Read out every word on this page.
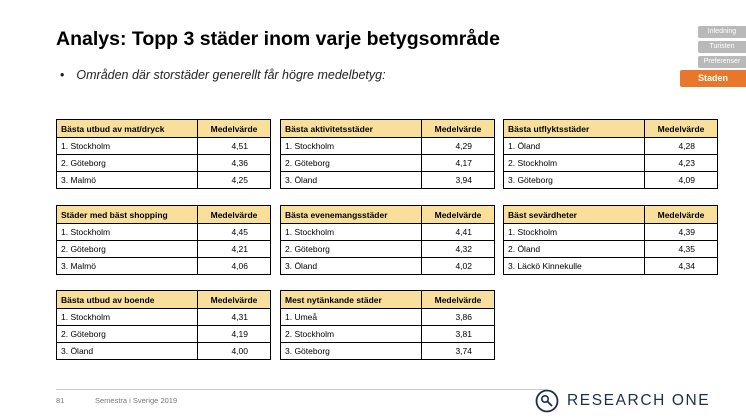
Analys: Topp 3 städer inom varje betygsområde
• Områden där storstäder generellt får högre medelbetyg:
Inledning
Turisten
Preferenser
Staden
Bästa utbud av mat/dryck	Medelvärde
1. Stockholm	4,51
2. Göteborg	4,36
3. Malmö	4,25
Bästa aktivitetsstäder	Medelvärde
1. Stockholm	4,29
2. Göteborg	4,17
3. Öland	3,94
Bästa utflyktsstäder	Medelvärde
1. Öland	4,28
2. Stockholm	4,23
3. Göteborg	4,09
Städer med bäst shopping	Medelvärde
1. Stockholm	4,45
2. Göteborg	4,21
3. Malmö	4,06
Bästa evenemangsstäder	Medelvärde
1. Stockholm	4,41
2. Göteborg	4,32
3. Öland	4,02
Bäst sevärdheter	Medelvärde
1. Stockholm	4,39
2. Öland	4,35
3. Läckö Kinnekulle	4,34
Bästa utbud av boende	Medelvärde
1. Stockholm	4,31
2. Göteborg	4,19
3. Öland	4,00
Mest nytänkande städer	Medelvärde
1. Umeå	3,86
2. Stockholm	3,81
3. Göteborg	3,74
81	Semestra i Sverige 2019	RESEARCH ONE
